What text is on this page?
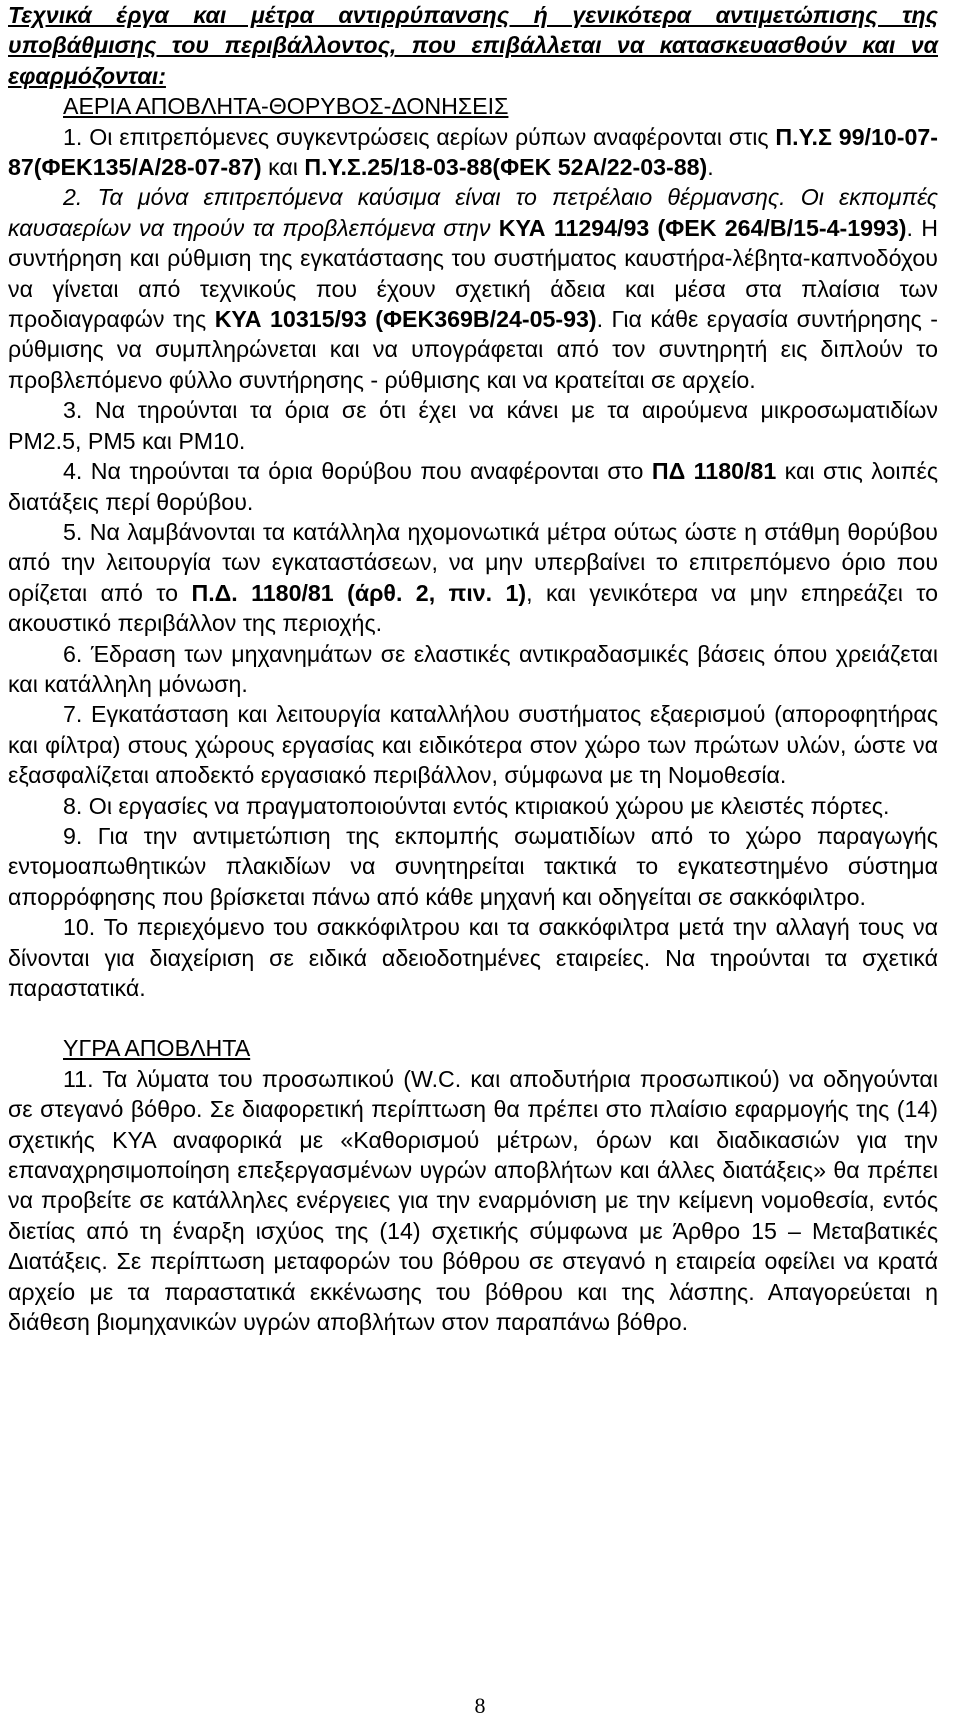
Τεχνικά έργα και μέτρα αντιρρύπανσης ή γενικότερα αντιμετώπισης της υποβάθμισης του περιβάλλοντος, που επιβάλλεται να κατασκευασθούν και να εφαρμόζονται:

ΑΕΡΙΑ ΑΠΟΒΛΗΤΑ-ΘΟΡΥΒΟΣ-ΔΟΝΗΣΕΙΣ

1. Οι επιτρεπόμενες συγκεντρώσεις αερίων ρύπων αναφέρονται στις Π.Υ.Σ 99/10-07-87(ΦΕΚ135/Α/28-07-87) και Π.Υ.Σ.25/18-03-88(ΦΕΚ 52Α/22-03-88).

2. Τα μόνα επιτρεπόμενα καύσιμα είναι το πετρέλαιο θέρμανσης. Οι εκπομπές καυσαερίων να τηρούν τα προβλεπόμενα στην ΚΥΑ 11294/93 (ΦΕΚ 264/Β/15-4-1993). Η συντήρηση και ρύθμιση της εγκατάστασης του συστήματος καυστήρα-λέβητα-καπνοδόχου να γίνεται από τεχνικούς που έχουν σχετική άδεια και μέσα στα πλαίσια των προδιαγραφών της ΚΥΑ 10315/93 (ΦΕΚ369Β/24-05-93). Για κάθε εργασία συντήρησης - ρύθμισης να συμπληρώνεται και να υπογράφεται από τον συντηρητή εις διπλούν το προβλεπόμενο φύλλο συντήρησης - ρύθμισης και να κρατείται σε αρχείο.

3. Να τηρούνται τα όρια σε ότι έχει να κάνει με τα αιρούμενα μικροσωματιδίων PM2.5, PM5 και PM10.

4. Να τηρούνται τα όρια θορύβου που αναφέρονται στο ΠΔ 1180/81 και στις λοιπές διατάξεις περί θορύβου.

5. Να λαμβάνονται τα κατάλληλα ηχομονωτικά μέτρα ούτως ώστε η στάθμη θορύβου από την λειτουργία των εγκαταστάσεων, να μην υπερβαίνει το επιτρεπόμενο όριο που ορίζεται από το Π.Δ. 1180/81 (άρθ. 2, πιν. 1), και γενικότερα να μην επηρεάζει το ακουστικό περιβάλλον της περιοχής.

6. Έδραση των μηχανημάτων σε ελαστικές αντικραδασμικές βάσεις όπου χρειάζεται και κατάλληλη μόνωση.

7. Εγκατάσταση και λειτουργία καταλλήλου συστήματος εξαερισμού (απoροφητήρας και φίλτρα) στους χώρους εργασίας και ειδικότερα στον χώρο των πρώτων υλών, ώστε να εξασφαλίζεται αποδεκτό εργασιακό περιβάλλον, σύμφωνα με τη Νομοθεσία.

8. Οι εργασίες να πραγματοποιούνται εντός κτιριακού χώρου με κλειστές πόρτες.

9. Για την αντιμετώπιση της εκπομπής σωματιδίων από το χώρο παραγωγής εντομοαπωθητικών πλακιδίων να συνητηρείται τακτικά το εγκατεστημένο σύστημα απορρόφησης που βρίσκεται πάνω από κάθε μηχανή και οδηγείται σε σακκόφιλτρο.

10. Το περιεχόμενο του σακκόφιλτρου και τα σακκόφιλτρα μετά την αλλαγή τους να δίνονται για διαχείριση σε ειδικά αδειοδοτημένες εταιρείες. Να τηρούνται τα σχετικά παραστατικά.

ΥΓΡΑ ΑΠΟΒΛΗΤΑ

11. Τα λύματα του προσωπικού (W.C. και αποδυτήρια προσωπικού) να οδηγούνται σε στεγανό βόθρο. Σε διαφορετική περίπτωση θα πρέπει στο πλαίσιο εφαρμογής της (14) σχετικής ΚΥΑ αναφορικά με «Καθορισμού μέτρων, όρων και διαδικασιών για την επαναχρησιμοποίηση επεξεργασμένων υγρών αποβλήτων και άλλες διατάξεις» θα πρέπει να προβείτε σε κατάλληλες ενέργειες για την εναρμόνιση με την κείμενη νομοθεσία, εντός διετίας από τη έναρξη ισχύος της (14) σχετικής σύμφωνα με Άρθρο 15 – Μεταβατικές Διατάξεις. Σε περίπτωση μεταφορών του βόθρου σε στεγανό η εταιρεία οφείλει να κρατά αρχείο με τα παραστατικά εκκένωσης του βόθρου και της λάσπης. Απαγορεύεται η διάθεση βιομηχανικών υγρών αποβλήτων στον παραπάνω βόθρο.

8
